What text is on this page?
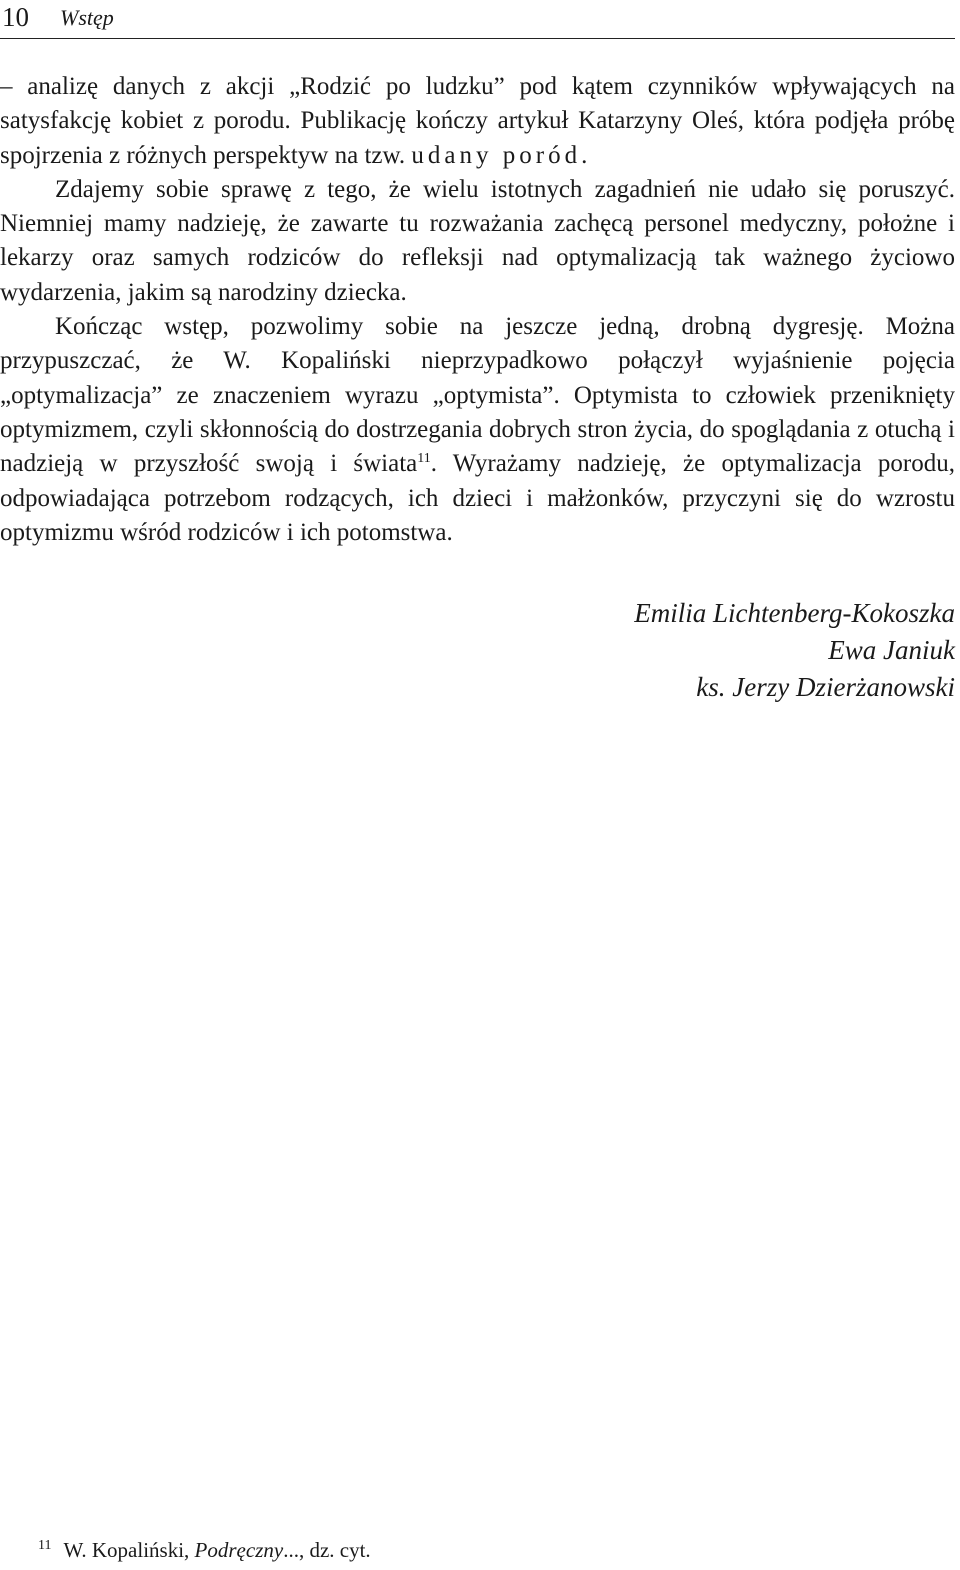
10 Wstęp

– analizę danych z akcji „Rodzić po ludzku” pod kątem czynników wpływających na satysfakcję kobiet z porodu. Publikację kończy artykuł Katarzyny Oleś, która podjęła próbę spojrzenia z różnych perspektyw na tzw. udany poród.

Zdajemy sobie sprawę z tego, że wielu istotnych zagadnień nie udało się poruszyć. Niemniej mamy nadzieję, że zawarte tu rozważania zachęcą personel medyczny, położne i lekarzy oraz samych rodziców do refleksji nad optymalizacją tak ważnego życiowo wydarzenia, jakim są narodziny dziecka.

Kończąc wstęp, pozwolimy sobie na jeszcze jedną, drobną dygresję. Można przypuszczać, że W. Kopaliński nieprzypadkowo połączył wyjaśnienie pojęcia „optymalizacja” ze znaczeniem wyrazu „optymista”. Optymista to człowiek przeniknięty optymizmem, czyli skłonnością do dostrzegania dobrych stron życia, do spoglądania z otuchą i nadzieją w przyszłość swoją i świata$^{11}$. Wyrażamy nadzieję, że optymalizacja porodu, odpowiadająca potrzebom rodzących, ich dzieci i małżonków, przyczyni się do wzrostu optymizmu wśród rodziców i ich potomstwa.

Emilia Lichtenberg-Kokoszka
Ewa Janiuk
ks. Jerzy Dzierżanowski
$^{11}$ W. Kopaliński, Podręczny..., dz. cyt.
